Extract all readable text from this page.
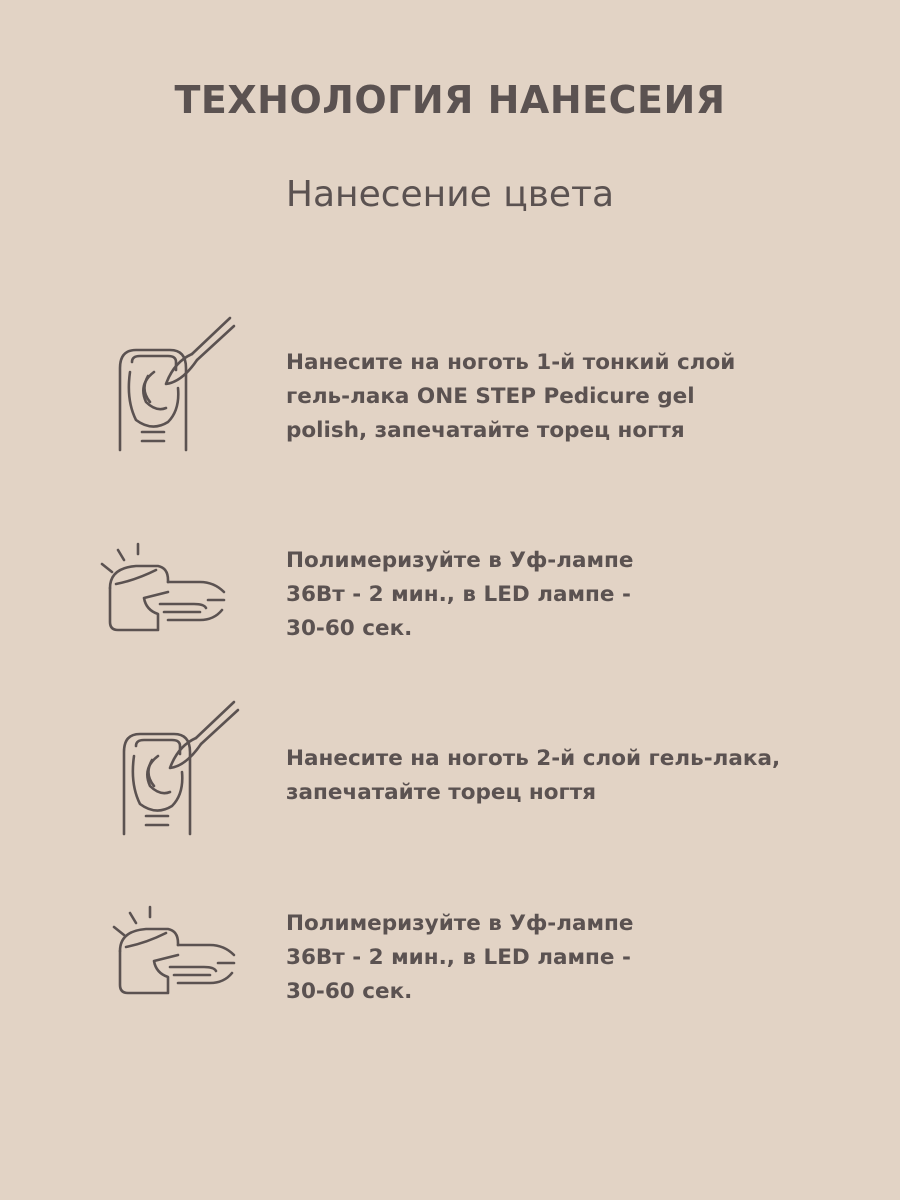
ТЕХНОЛОГИЯ НАНЕСЕИЯ
Нанесение цвета
Нанесите на ноготь 1-й тонкий слой
гель-лака ONE STEP Pedicure gel
polish, запечатайте торец ногтя
Полимеризуйте в Уф-лампе
36Вт - 2 мин., в LED лампе -
30-60 сек.
Нанесите на ноготь 2-й слой гель-лака,
запечатайте торец ногтя
Полимеризуйте в Уф-лампе
36Вт - 2 мин., в LED лампе -
30-60 сек.
